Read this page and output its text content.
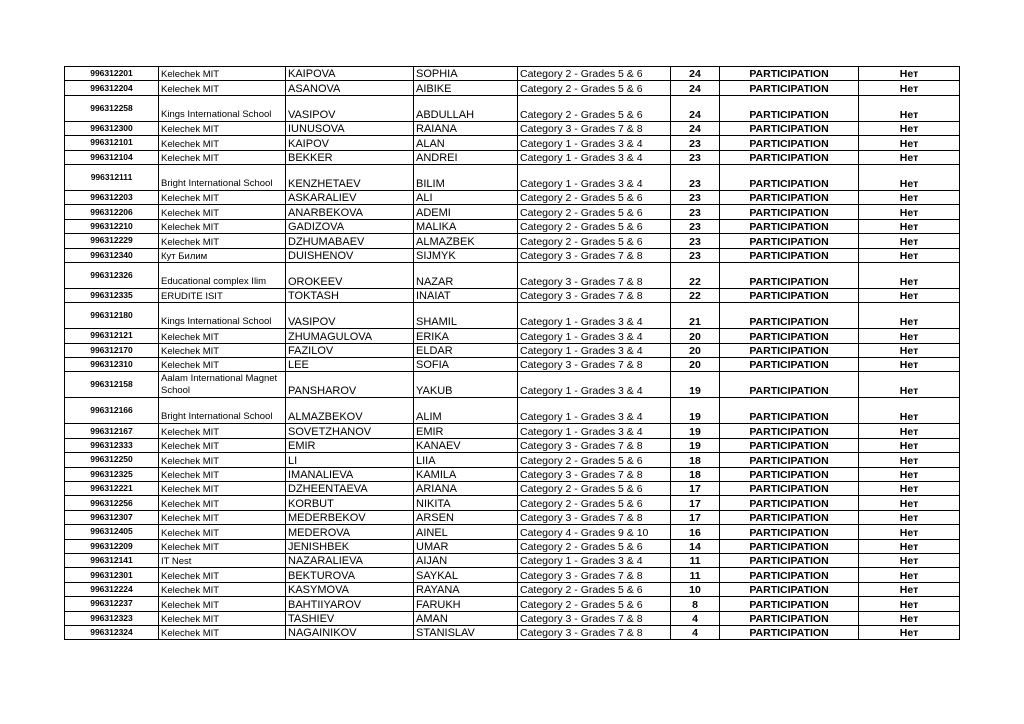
996312201	Kelechek MIT	KAIPOVA	SOPHIA	Category 2 - Grades 5 & 6	24	PARTICIPATION	Нет
996312204	Kelechek MIT	ASANOVA	AIBIKE	Category 2 - Grades 5 & 6	24	PARTICIPATION	Нет
996312258	Kings International School	VASIPOV	ABDULLAH	Category 2 - Grades 5 & 6	24	PARTICIPATION	Нет
996312300	Kelechek MIT	IUNUSOVA	RAIANA	Category 3 - Grades 7 & 8	24	PARTICIPATION	Нет
996312101	Kelechek MIT	KAIPOV	ALAN	Category 1 - Grades 3 & 4	23	PARTICIPATION	Нет
996312104	Kelechek MIT	BEKKER	ANDREI	Category 1 - Grades 3 & 4	23	PARTICIPATION	Нет
996312111	Bright International School	KENZHETAEV	BILIM	Category 1 - Grades 3 & 4	23	PARTICIPATION	Нет
996312203	Kelechek MIT	ASKARALIEV	ALI	Category 2 - Grades 5 & 6	23	PARTICIPATION	Нет
996312206	Kelechek MIT	ANARBEKOVA	ADEMI	Category 2 - Grades 5 & 6	23	PARTICIPATION	Нет
996312210	Kelechek MIT	GADIZOVA	MALIKA	Category 2 - Grades 5 & 6	23	PARTICIPATION	Нет
996312229	Kelechek MIT	DZHUMABAEV	ALMAZBEK	Category 2 - Grades 5 & 6	23	PARTICIPATION	Нет
996312340	Кут Билим	DUISHENOV	SIJMYK	Category 3 - Grades 7 & 8	23	PARTICIPATION	Нет
996312326	Educational complex Ilim	OROKEEV	NAZAR	Category 3 - Grades 7 & 8	22	PARTICIPATION	Нет
996312335	ERUDITE ISIT	TOKTASH	INAIAT	Category 3 - Grades 7 & 8	22	PARTICIPATION	Нет
996312180	Kings International School	VASIPOV	SHAMIL	Category 1 - Grades 3 & 4	21	PARTICIPATION	Нет
996312121	Kelechek MIT	ZHUMAGULOVA	ERIKA	Category 1 - Grades 3 & 4	20	PARTICIPATION	Нет
996312170	Kelechek MIT	FAZILOV	ELDAR	Category 1 - Grades 3 & 4	20	PARTICIPATION	Нет
996312310	Kelechek MIT	LEE	SOFIA	Category 3 - Grades 7 & 8	20	PARTICIPATION	Нет
996312158	Aalam International Magnet School	PANSHAROV	YAKUB	Category 1 - Grades 3 & 4	19	PARTICIPATION	Нет
996312166	Bright International School	ALMAZBEKOV	ALIM	Category 1 - Grades 3 & 4	19	PARTICIPATION	Нет
996312167	Kelechek MIT	SOVETZHANOV	EMIR	Category 1 - Grades 3 & 4	19	PARTICIPATION	Нет
996312333	Kelechek MIT	EMIR	KANAEV	Category 3 - Grades 7 & 8	19	PARTICIPATION	Нет
996312250	Kelechek MIT	LI	LIIA	Category 2 - Grades 5 & 6	18	PARTICIPATION	Нет
996312325	Kelechek MIT	IMANALIEVA	KAMILA	Category 3 - Grades 7 & 8	18	PARTICIPATION	Нет
996312221	Kelechek MIT	DZHEENTAEVA	ARIANA	Category 2 - Grades 5 & 6	17	PARTICIPATION	Нет
996312256	Kelechek MIT	KORBUT	NIKITA	Category 2 - Grades 5 & 6	17	PARTICIPATION	Нет
996312307	Kelechek MIT	MEDERBEKOV	ARSEN	Category 3 - Grades 7 & 8	17	PARTICIPATION	Нет
996312405	Kelechek MIT	MEDEROVA	AINEL	Category 4 - Grades 9 & 10	16	PARTICIPATION	Нет
996312209	Kelechek MIT	JENISHBEK	UMAR	Category 2 - Grades 5 & 6	14	PARTICIPATION	Нет
996312141	IT Nest	NAZARALIEVA	AIJAN	Category 1 - Grades 3 & 4	11	PARTICIPATION	Нет
996312301	Kelechek MIT	BEKTUROVA	SAYKAL	Category 3 - Grades 7 & 8	11	PARTICIPATION	Нет
996312224	Kelechek MIT	KASYMOVA	RAYANA	Category 2 - Grades 5 & 6	10	PARTICIPATION	Нет
996312237	Kelechek MIT	BAHTIIYAROV	FARUKH	Category 2 - Grades 5 & 6	8	PARTICIPATION	Нет
996312323	Kelechek MIT	TASHIEV	AMAN	Category 3 - Grades 7 & 8	4	PARTICIPATION	Нет
996312324	Kelechek MIT	NAGAINIKOV	STANISLAV	Category 3 - Grades 7 & 8	4	PARTICIPATION	Нет
